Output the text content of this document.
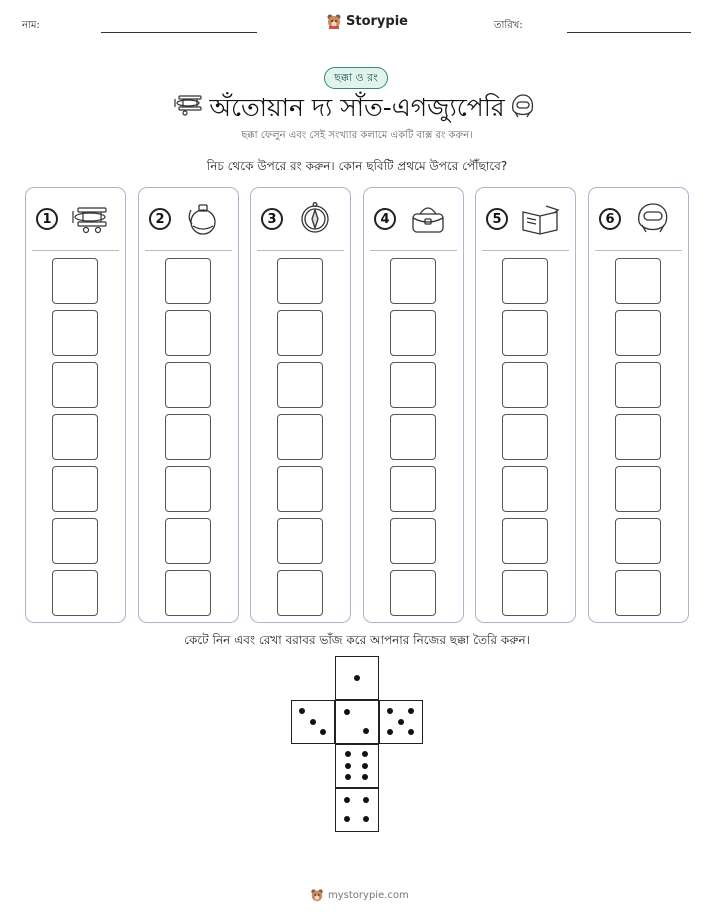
নাম:	Storypie	তারিখ:
ছক্কা ও রং
অঁতোয়ান দ্য সাঁত-এগজ্যুপেরি
ছক্কা ফেলুন এবং সেই সংখ্যার কলামে একটি বাক্স রং করুন।
নিচ থেকে উপরে রং করুন। কোন ছবিটি প্রথমে উপরে পৌঁছাবে?
1	2	3	4	5	6
কেটে নিন এবং রেখা বরাবর ভাঁজ করে আপনার নিজের ছক্কা তৈরি করুন।
mystorypie.com
